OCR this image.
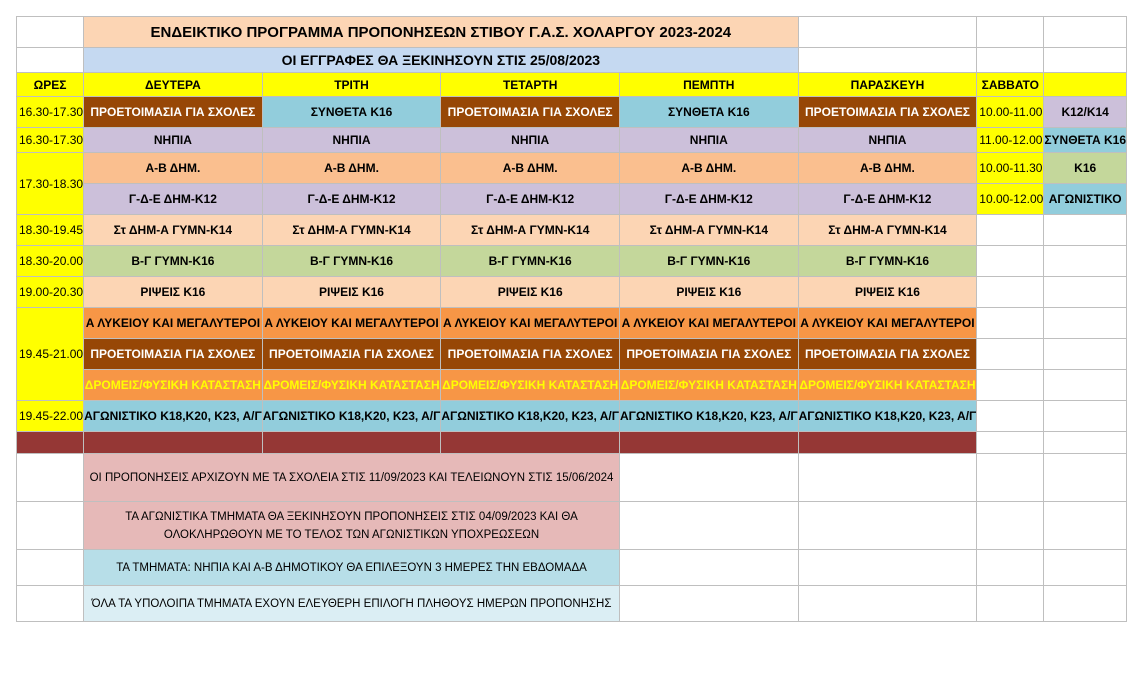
	ΕΝΔΕΙΚΤΙΚΟ ΠΡΟΓΡΑΜΜΑ ΠΡΟΠΟΝΗΣΕΩΝ ΣΤΙΒΟΥ Γ.Α.Σ. ΧΟΛΑΡΓΟΥ 2023-2024						
	ΟΙ ΕΓΓΡΑΦΕΣ ΘΑ ΞΕΚΙΝΗΣΟΥΝ ΣΤΙΣ 25/08/2023						
ΩΡΕΣ	ΔΕΥΤΕΡΑ	ΤΡΙΤΗ	ΤΕΤΑΡΤΗ	ΠΕΜΠΤΗ	ΠΑΡΑΣΚΕΥΗ	ΣΑΒΒΑΤΟ	
16.30-17.30	ΠΡΟΕΤΟΙΜΑΣΙΑ ΓΙΑ ΣΧΟΛΕΣ	ΣΥΝΘΕΤΑ Κ16	ΠΡΟΕΤΟΙΜΑΣΙΑ ΓΙΑ ΣΧΟΛΕΣ	ΣΥΝΘΕΤΑ Κ16	ΠΡΟΕΤΟΙΜΑΣΙΑ ΓΙΑ ΣΧΟΛΕΣ	10.00-11.00	Κ12/Κ14
16.30-17.30	ΝΗΠΙΑ	ΝΗΠΙΑ	ΝΗΠΙΑ	ΝΗΠΙΑ	ΝΗΠΙΑ	11.00-12.00	ΣΥΝΘΕΤΑ Κ16
17.30-18.30	Α-Β ΔΗΜ.	Α-Β ΔΗΜ.	Α-Β ΔΗΜ.	Α-Β ΔΗΜ.	Α-Β ΔΗΜ.	10.00-11.30	Κ16
	Γ-Δ-Ε ΔΗΜ-Κ12	Γ-Δ-Ε ΔΗΜ-Κ12	Γ-Δ-Ε ΔΗΜ-Κ12	Γ-Δ-Ε ΔΗΜ-Κ12	Γ-Δ-Ε ΔΗΜ-Κ12	10.00-12.00	ΑΓΩΝΙΣΤΙΚΟ
18.30-19.45	Στ ΔΗΜ-Α ΓΥΜΝ-Κ14	Στ ΔΗΜ-Α ΓΥΜΝ-Κ14	Στ ΔΗΜ-Α ΓΥΜΝ-Κ14	Στ ΔΗΜ-Α ΓΥΜΝ-Κ14	Στ ΔΗΜ-Α ΓΥΜΝ-Κ14		
18.30-20.00	Β-Γ ΓΥΜΝ-Κ16	Β-Γ ΓΥΜΝ-Κ16	Β-Γ ΓΥΜΝ-Κ16	Β-Γ ΓΥΜΝ-Κ16	Β-Γ ΓΥΜΝ-Κ16		
19.00-20.30	ΡΙΨΕΙΣ Κ16	ΡΙΨΕΙΣ Κ16	ΡΙΨΕΙΣ Κ16	ΡΙΨΕΙΣ Κ16	ΡΙΨΕΙΣ Κ16		
19.45-21.00	Α ΛΥΚΕΙΟΥ ΚΑΙ ΜΕΓΑΛΥΤΕΡΟΙ	Α ΛΥΚΕΙΟΥ ΚΑΙ ΜΕΓΑΛΥΤΕΡΟΙ	Α ΛΥΚΕΙΟΥ ΚΑΙ ΜΕΓΑΛΥΤΕΡΟΙ	Α ΛΥΚΕΙΟΥ ΚΑΙ ΜΕΓΑΛΥΤΕΡΟΙ	Α ΛΥΚΕΙΟΥ ΚΑΙ ΜΕΓΑΛΥΤΕΡΟΙ		
	ΠΡΟΕΤΟΙΜΑΣΙΑ ΓΙΑ ΣΧΟΛΕΣ	ΠΡΟΕΤΟΙΜΑΣΙΑ ΓΙΑ ΣΧΟΛΕΣ	ΠΡΟΕΤΟΙΜΑΣΙΑ ΓΙΑ ΣΧΟΛΕΣ	ΠΡΟΕΤΟΙΜΑΣΙΑ ΓΙΑ ΣΧΟΛΕΣ	ΠΡΟΕΤΟΙΜΑΣΙΑ ΓΙΑ ΣΧΟΛΕΣ		
	ΔΡΟΜΕΙΣ/ΦΥΣΙΚΗ ΚΑΤΑΣΤΑΣΗ	ΔΡΟΜΕΙΣ/ΦΥΣΙΚΗ ΚΑΤΑΣΤΑΣΗ	ΔΡΟΜΕΙΣ/ΦΥΣΙΚΗ ΚΑΤΑΣΤΑΣΗ	ΔΡΟΜΕΙΣ/ΦΥΣΙΚΗ ΚΑΤΑΣΤΑΣΗ	ΔΡΟΜΕΙΣ/ΦΥΣΙΚΗ ΚΑΤΑΣΤΑΣΗ		
19.45-22.00	ΑΓΩΝΙΣΤΙΚΟ Κ18,Κ20, Κ23, Α/Γ	ΑΓΩΝΙΣΤΙΚΟ Κ18,Κ20, Κ23, Α/Γ	ΑΓΩΝΙΣΤΙΚΟ Κ18,Κ20, Κ23, Α/Γ	ΑΓΩΝΙΣΤΙΚΟ Κ18,Κ20, Κ23, Α/Γ	ΑΓΩΝΙΣΤΙΚΟ Κ18,Κ20, Κ23, Α/Γ		

	ΟΙ ΠΡΟΠΟΝΗΣΕΙΣ ΑΡΧΙΖΟΥΝ ΜΕ ΤΑ ΣΧΟΛΕΙΑ ΣΤΙΣ 11/09/2023 ΚΑΙ ΤΕΛΕΙΩΝΟΥΝ ΣΤΙΣ 15/06/2024						

	ΤΑ ΑΓΩΝΙΣΤΙΚΑ ΤΜΗΜΑΤΑ ΘΑ ΞΕΚΙΝΗΣΟΥΝ ΠΡΟΠΟΝΗΣΕΙΣ ΣΤΙΣ 04/09/2023 ΚΑΙ ΘΑ
ΟΛΟΚΛΗΡΩΘΟΥΝ ΜΕ ΤΟ ΤΕΛΟΣ ΤΩΝ ΑΓΩΝΙΣΤΙΚΩΝ ΥΠΟΧΡΕΩΣΕΩΝ						

	ΤΑ ΤΜΗΜΑΤΑ: ΝΗΠΙΑ ΚΑΙ Α-Β ΔΗΜΟΤΙΚΟΥ ΘΑ ΕΠΙΛΕΞΟΥΝ 3 ΗΜΕΡΕΣ ΤΗΝ ΕΒΔΟΜΑΔΑ						
	ΌΛΑ ΤΑ ΥΠΟΛΟΙΠΑ ΤΜΗΜΑΤΑ ΕΧΟΥΝ ΕΛΕΥΘΕΡΗ ΕΠΙΛΟΓΗ ΠΛΗΘΟΥΣ ΗΜΕΡΩΝ ΠΡΟΠΟΝΗΣΗΣ						
